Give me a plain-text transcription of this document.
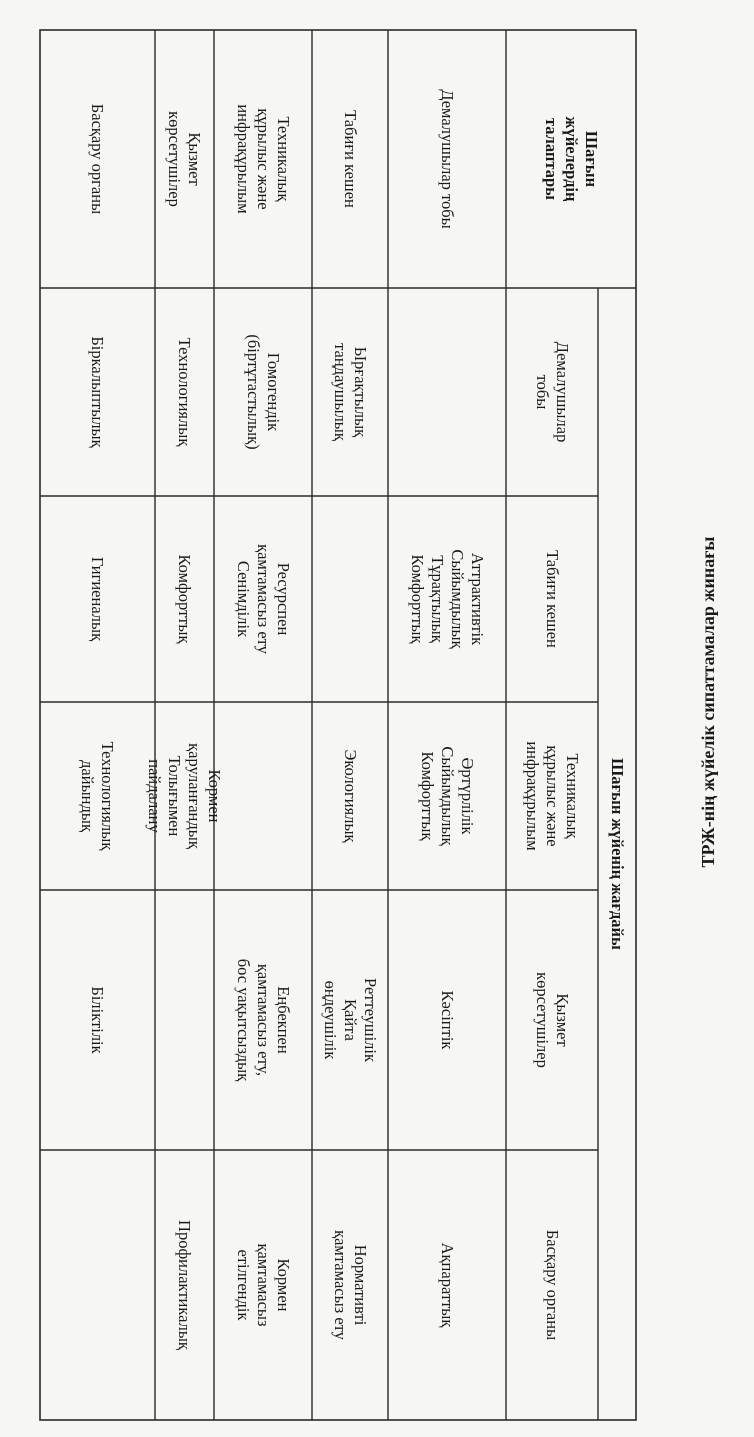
ТРЖ-нің жүйелік сипаттамалар жинағы
Шағын
жүйелердің
талаптары
Шағын жүйенің жағдайы
Демалушылар
тобы
Табиғи кешен
Техникалық
құрылыс және
инфрақұрылым
Қызмет
көрсетушілер
Басқару органы
Демалушылар тобы
Аттрактивтік
Сыйымдылық
Тұрақтылық
Комфорттық
Әртүрлілік
Сыйымдылық
Комфорттық
Кәсіптік
Ақпараттық
Табиғи кешен
Ырғақтылық
таңдаушылық
Экологиялық
Реттеушілік
Қайта
өңдеушілік
Нормативті
қамтамасыз ету
Техникалық
құрылыс және
инфрақұрылым
Гомогендік
(біртұтастылық)
Ресурспен
қамтамасыз ету
Сенімділік
Еңбекпен
қамтамасыз ету,
бос уақытсыздық
Кормен
қамтамасыз
етілгендік
Қызмет
көрсетушілер
Технологиялық
Комфорттық
Кормен
қаруланғандық
Толығымен
пайдалану
Профилактикалық
Басқару органы
Біркалыптылық
Гигиеналық
Технологиялық
дайындық
Біліктілік
